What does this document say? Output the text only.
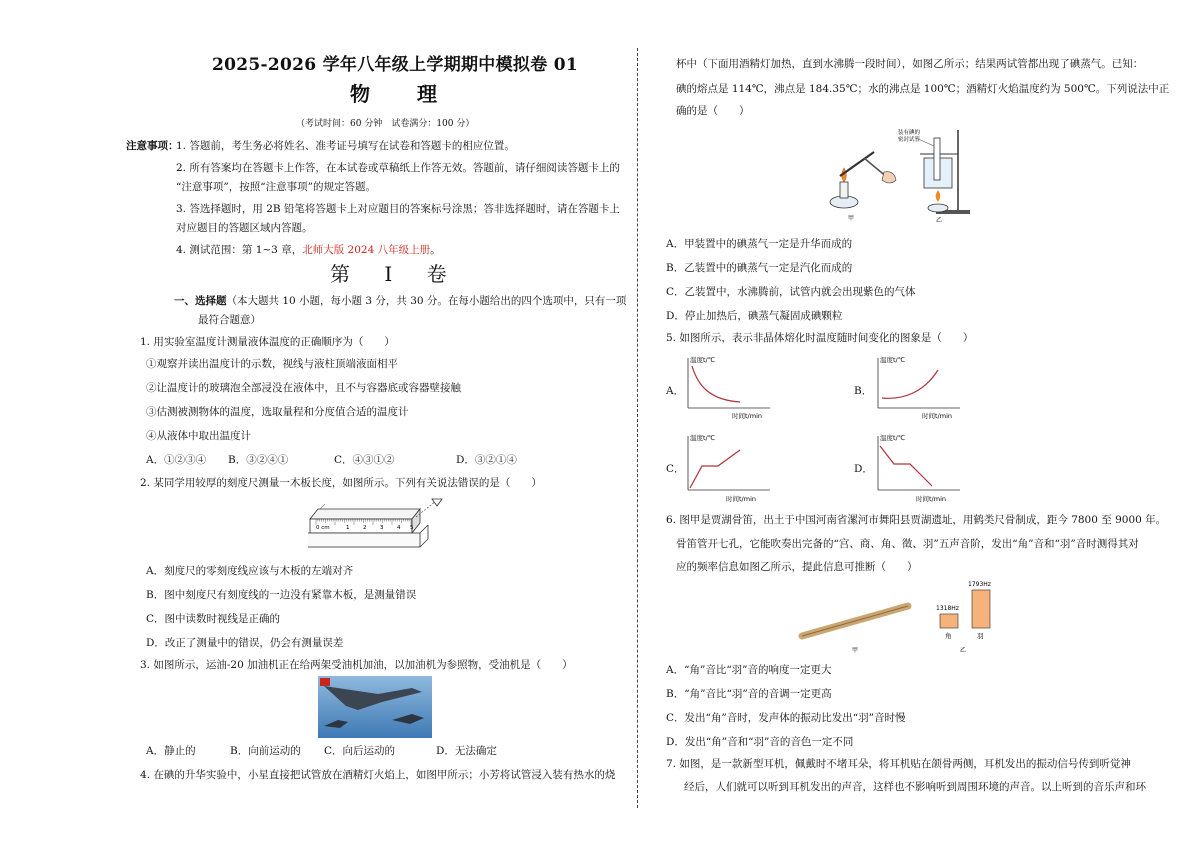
2025-2026 学年八年级上学期期中模拟卷 01
物 理
（考试时间：60 分钟　试卷满分：100 分）
注意事项：
1. 答题前，考生务必将姓名、准考证号填写在试卷和答题卡的相应位置。
2. 所有答案均在答题卡上作答，在本试卷或草稿纸上作答无效。答题前，请仔细阅读答题卡上的
“注意事项”，按照“注意事项”的规定答题。
3. 答选择题时，用 2B 铅笔将答题卡上对应题目的答案标号涂黑；答非选择题时，请在答题卡上
对应题目的答题区域内答题。
4. 测试范围：第 1~3 章，北师大版 2024 八年级上册。
第 I 卷
一、选择题（本大题共 10 小题，每小题 3 分，共 30 分。在每小题给出的四个选项中，只有一项
最符合题意）
1. 用实验室温度计测量液体温度的正确顺序为（　　）
①观察并读出温度计的示数，视线与液柱顶端液面相平
②让温度计的玻璃泡全部浸没在液体中，且不与容器底或容器壁接触
③估测被测物体的温度，选取量程和分度值合适的温度计
④从液体中取出温度计
A．①②③④ B．③②④①	C．④③①②	D．③②①④
2. 某同学用较厚的刻度尺测量一木板长度，如图所示。下列有关说法错误的是（　　）
0 cm	1 2 3 4 5
A．刻度尺的零刻度线应该与木板的左端对齐
B．图中刻度尺有刻度线的一边没有紧靠木板，是测量错误
C．图中读数时视线是正确的
D．改正了测量中的错误，仍会有测量误差
3. 如图所示，运油-20 加油机正在给两架受油机加油，以加油机为参照物，受油机是（　　）
A．静止的	B．向前运动的 C．向后运动的	D．无法确定
4. 在碘的升华实验中，小星直接把试管放在酒精灯火焰上，如图甲所示；小芳将试管浸入装有热水的烧
杯中（下面用酒精灯加热，直到水沸腾一段时间），如图乙所示；结果两试管都出现了碘蒸气。已知：
碘的熔点是 114℃，沸点是 184.35℃；水的沸点是 100℃；酒精灯火焰温度约为 500℃。下列说法中正
确的是（　　）
甲
装有碘的
密封试管
乙
A．甲装置中的碘蒸气一定是升华而成的
B．乙装置中的碘蒸气一定是汽化而成的
C．乙装置中，水沸腾前，试管内就会出现紫色的气体
D．停止加热后，碘蒸气凝固成碘颗粒
5. 如图所示，表示非晶体熔化时温度随时间变化的图象是（　　）
A．
温度t/℃
时间t/min
B．
温度t/℃
时间t/min
C．
温度t/℃
时间t/min
D．
温度t/℃
时间t/min
6. 图甲是贾湖骨笛，出土于中国河南省漯河市舞阳县贾湖遗址，用鹤类尺骨制成，距今 7800 至 9000 年。
骨笛管开七孔，它能吹奏出完备的“宫、商、角、徵、羽”五声音阶，发出“角”音和“羽”音时测得其对
应的频率信息如图乙所示，提此信息可推断（　　）
甲
1318Hz
1793Hz
角	羽
乙
A．“角”音比“羽”音的响度一定更大
B．“角”音比“羽”音的音调一定更高
C．发出“角”音时，发声体的振动比发出“羽”音时慢
D．发出“角”音和“羽”音的音色一定不同
7. 如图，是一款新型耳机，佩戴时不堵耳朵，将耳机贴在颌骨两侧，耳机发出的振动信号传到听觉神
经后，人们就可以听到耳机发出的声音，这样也不影响听到周围环境的声音。以上听到的音乐声和环
